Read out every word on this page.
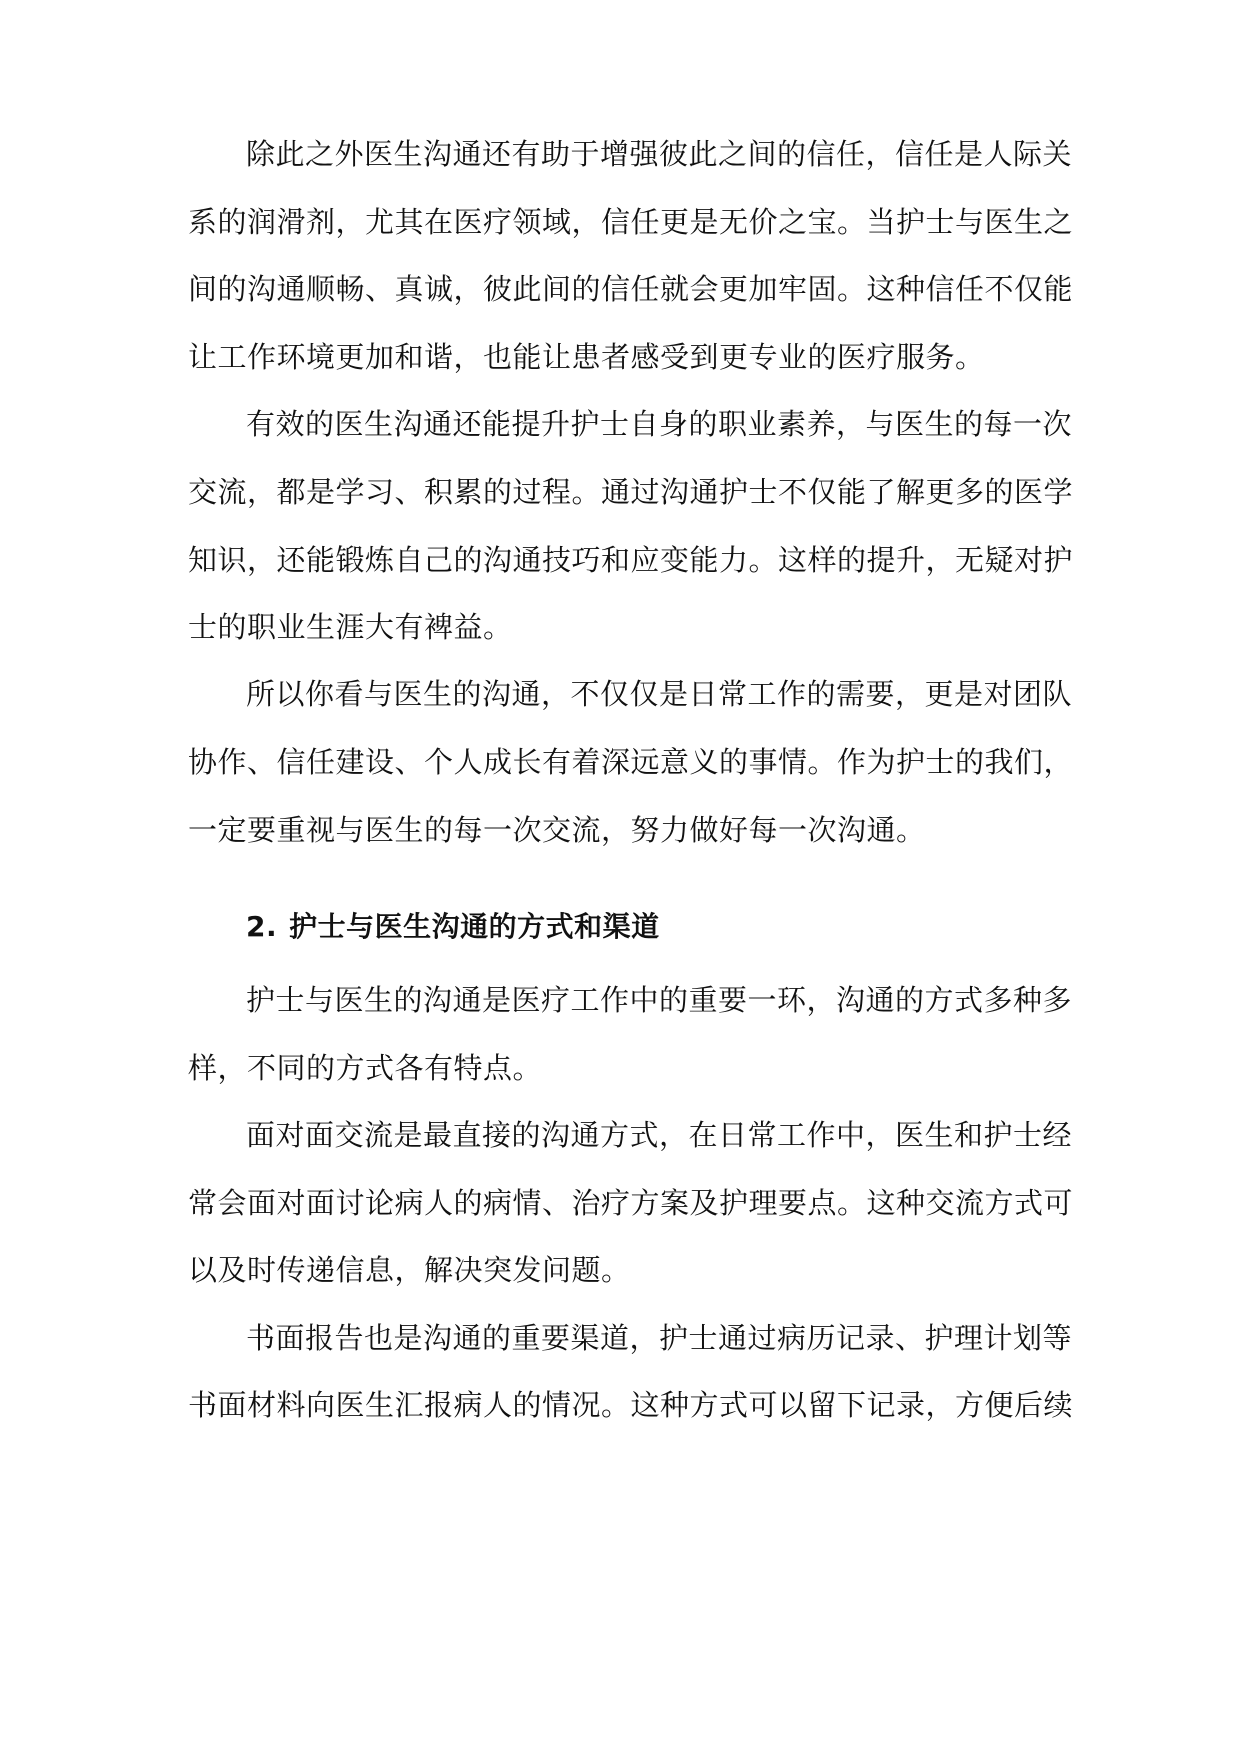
除此之外医生沟通还有助于增强彼此之间的信任，信任是人际关
系的润滑剂，尤其在医疗领域，信任更是无价之宝。当护士与医生之
间的沟通顺畅、真诚，彼此间的信任就会更加牢固。这种信任不仅能
让工作环境更加和谐，也能让患者感受到更专业的医疗服务。
有效的医生沟通还能提升护士自身的职业素养，与医生的每一次
交流，都是学习、积累的过程。通过沟通护士不仅能了解更多的医学
知识，还能锻炼自己的沟通技巧和应变能力。这样的提升，无疑对护
士的职业生涯大有裨益。
所以你看与医生的沟通，不仅仅是日常工作的需要，更是对团队
协作、信任建设、个人成长有着深远意义的事情。作为护士的我们，
一定要重视与医生的每一次交流，努力做好每一次沟通。
2. 护士与医生沟通的方式和渠道
护士与医生的沟通是医疗工作中的重要一环，沟通的方式多种多
样，不同的方式各有特点。
面对面交流是最直接的沟通方式，在日常工作中，医生和护士经
常会面对面讨论病人的病情、治疗方案及护理要点。这种交流方式可
以及时传递信息，解决突发问题。
书面报告也是沟通的重要渠道，护士通过病历记录、护理计划等
书面材料向医生汇报病人的情况。这种方式可以留下记录，方便后续
